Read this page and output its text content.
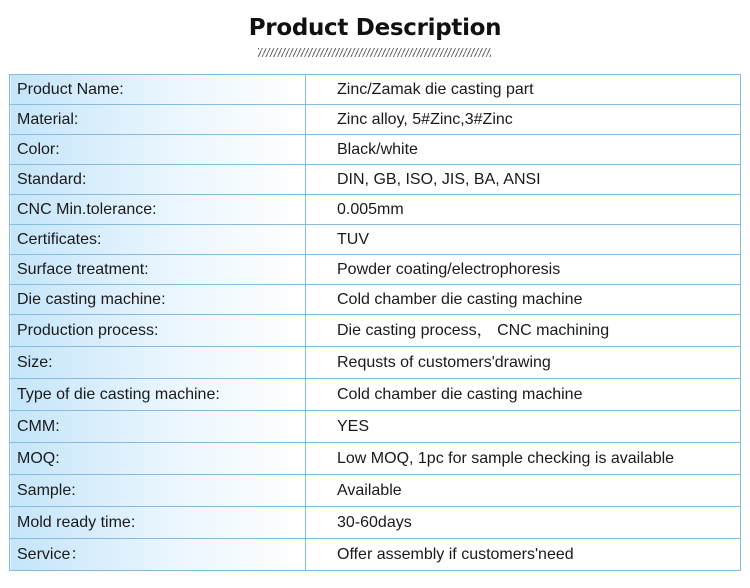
Product Description
Product Name:	Zinc/Zamak die casting part
Material:	Zinc alloy, 5#Zinc,3#Zinc
Color:	Black/white
Standard:	DIN, GB, ISO, JIS, BA, ANSI
CNC Min.tolerance:	0.005mm
Certificates:	TUV
Surface treatment:	Powder coating/electrophoresis
Die casting machine:	Cold chamber die casting machine
Production process:	Die casting process， CNC machining
Size:	Requsts of customers'drawing
Type of die casting machine:	Cold chamber die casting machine
CMM:	YES
MOQ:	Low MOQ, 1pc for sample checking is available
Sample:	Available
Mold ready time:	30-60days
Service：	Offer assembly if customers'need
